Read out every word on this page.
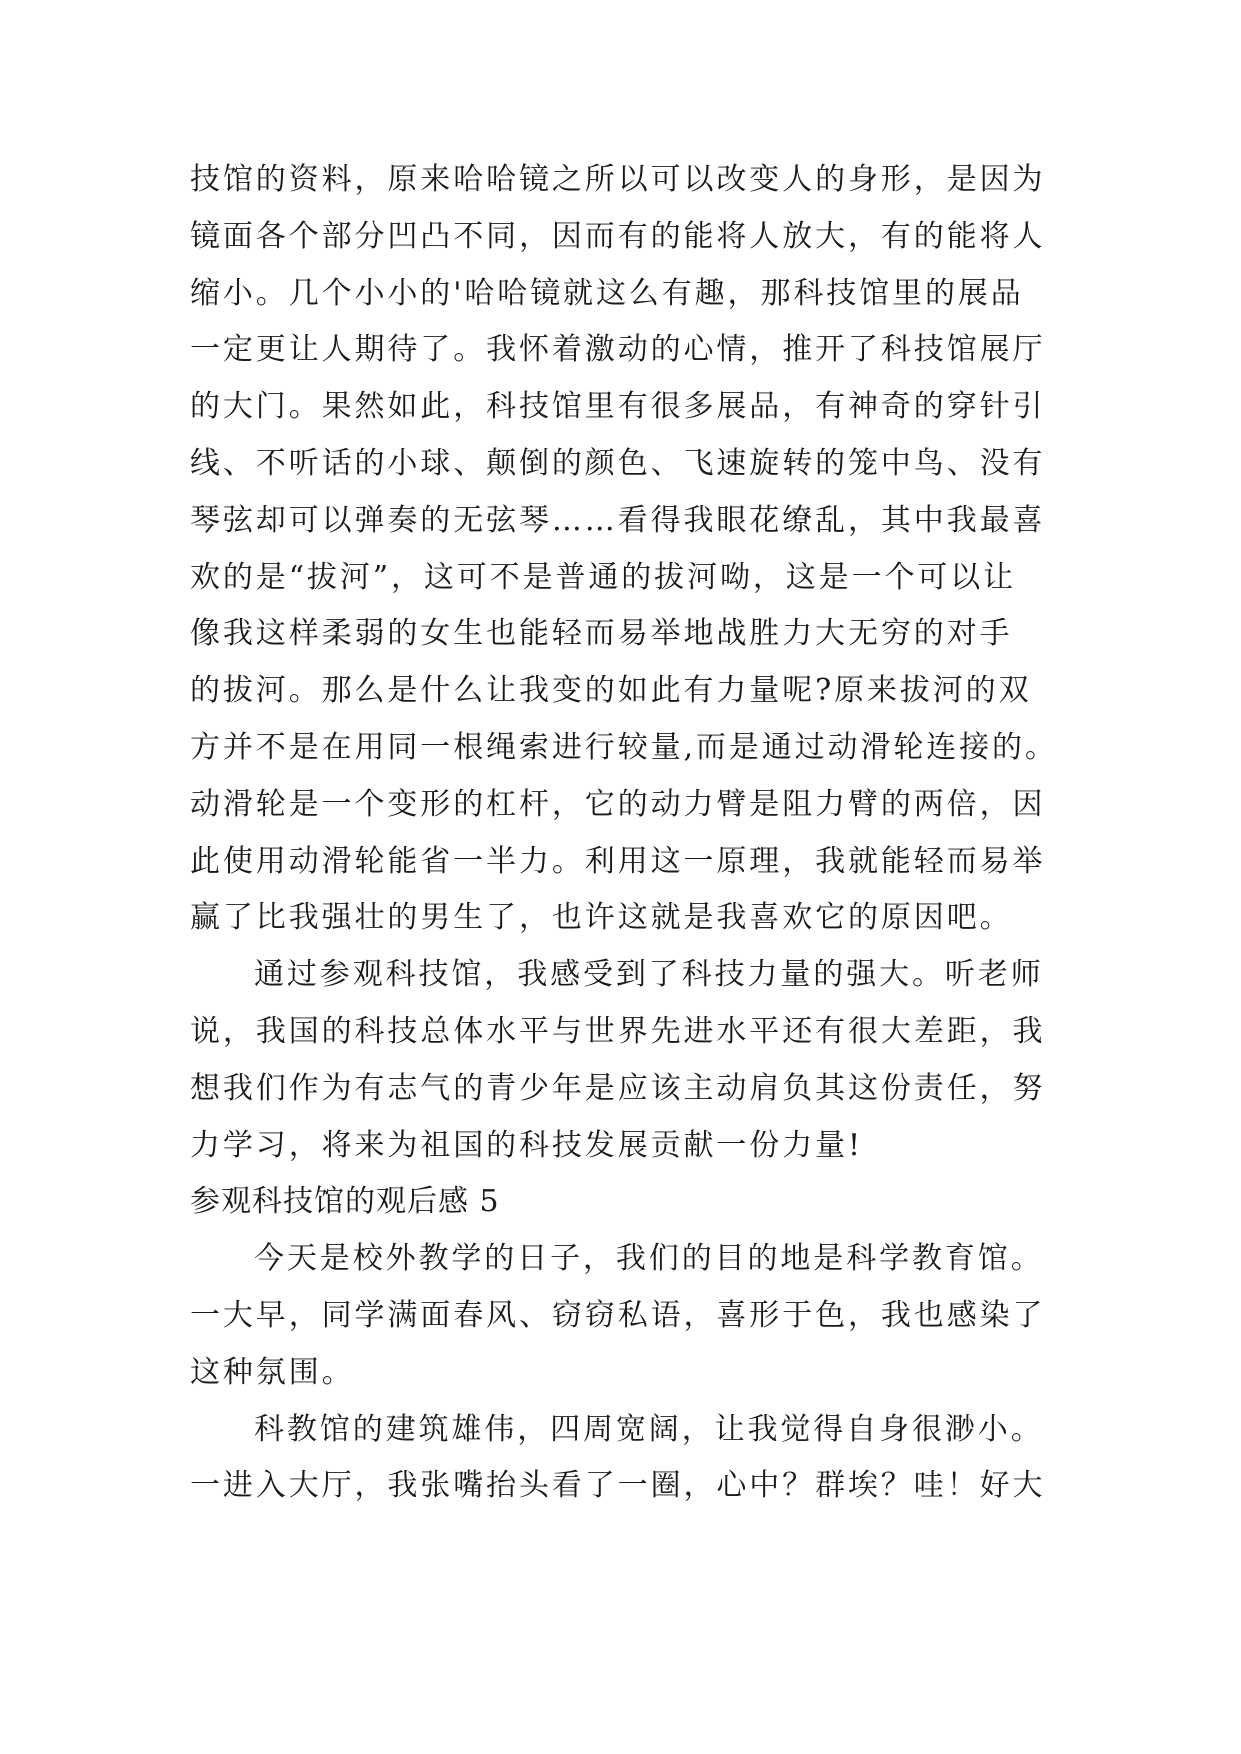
技馆的资料，原来哈哈镜之所以可以改变人的身形，是因为
镜面各个部分凹凸不同，因而有的能将人放大，有的能将人
缩小。几个小小的'哈哈镜就这么有趣，那科技馆里的展品
一定更让人期待了。我怀着激动的心情，推开了科技馆展厅
的大门。果然如此，科技馆里有很多展品，有神奇的穿针引
线、不听话的小球、颠倒的颜色、飞速旋转的笼中鸟、没有
琴弦却可以弹奏的无弦琴……看得我眼花缭乱，其中我最喜
欢的是“拔河”，这可不是普通的拔河呦，这是一个可以让
像我这样柔弱的女生也能轻而易举地战胜力大无穷的对手
的拔河。那么是什么让我变的如此有力量呢?原来拔河的双
方并不是在用同一根绳索进行较量,而是通过动滑轮连接的。
动滑轮是一个变形的杠杆，它的动力臂是阻力臂的两倍，因
此使用动滑轮能省一半力。利用这一原理，我就能轻而易举
赢了比我强壮的男生了，也许这就是我喜欢它的原因吧。
通过参观科技馆，我感受到了科技力量的强大。听老师
说，我国的科技总体水平与世界先进水平还有很大差距，我
想我们作为有志气的青少年是应该主动肩负其这份责任，努
力学习，将来为祖国的科技发展贡献一份力量!
参观科技馆的观后感 5
今天是校外教学的日子，我们的目的地是科学教育馆。
一大早，同学满面春风、窃窃私语，喜形于色，我也感染了
这种氛围。
科教馆的建筑雄伟，四周宽阔，让我觉得自身很渺小。
一进入大厅，我张嘴抬头看了一圈，心中？群埃？哇！好大
